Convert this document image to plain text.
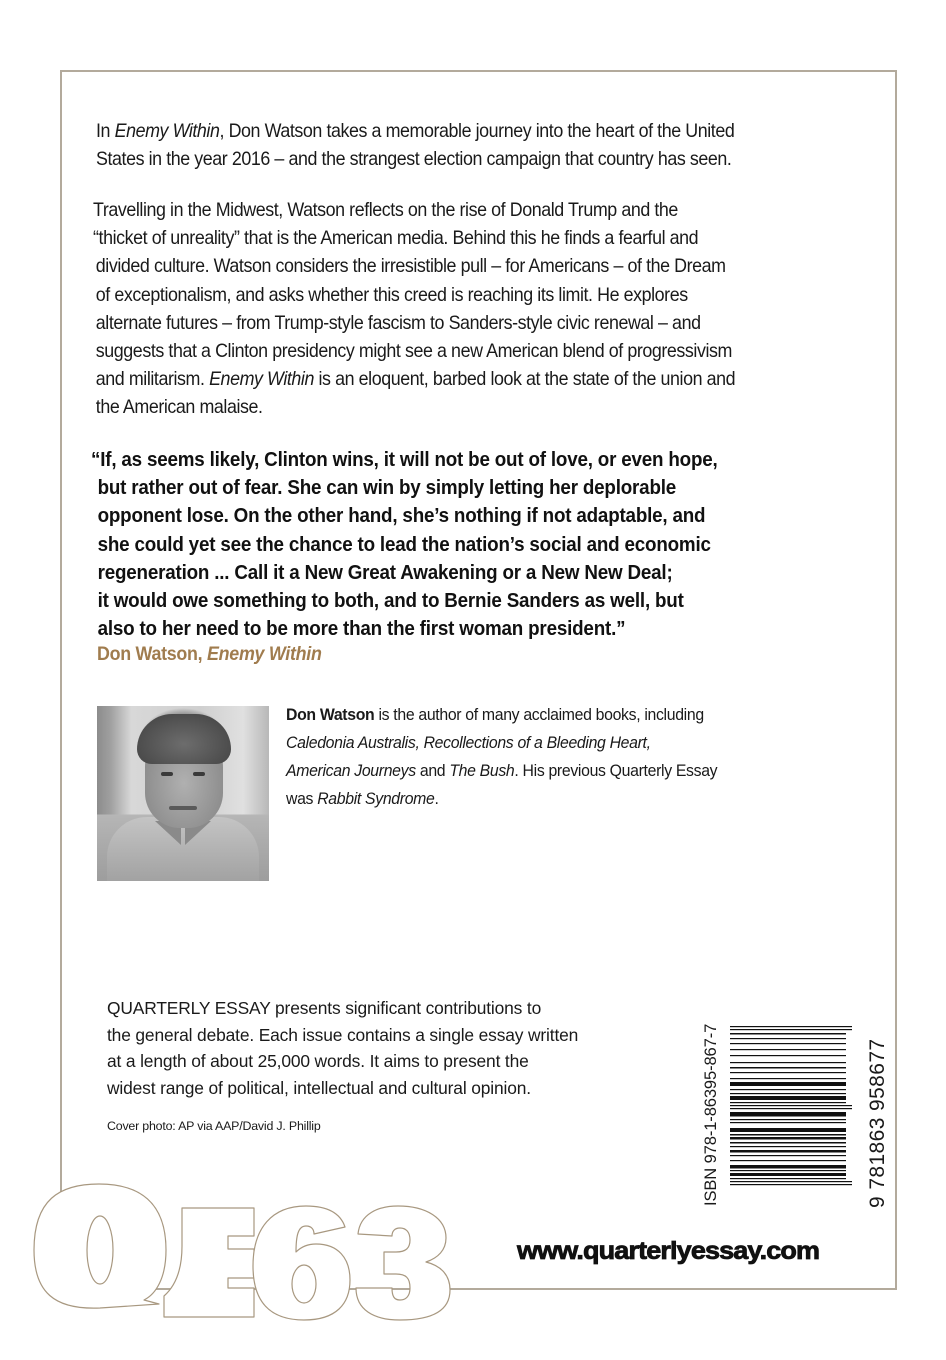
In Enemy Within, Don Watson takes a memorable journey into the heart of the United
States in the year 2016 – and the strangest election campaign that country has seen.
Travelling in the Midwest, Watson reflects on the rise of Donald Trump and the
“thicket of unreality” that is the American media. Behind this he finds a fearful and
divided culture. Watson considers the irresistible pull – for Americans – of the Dream
of exceptionalism, and asks whether this creed is reaching its limit. He explores
alternate futures – from Trump-style fascism to Sanders-style civic renewal – and
suggests that a Clinton presidency might see a new American blend of progressivism
and militarism. Enemy Within is an eloquent, barbed look at the state of the union and
the American malaise.
“If, as seems likely, Clinton wins, it will not be out of love, or even hope,
but rather out of fear. She can win by simply letting her deplorable
opponent lose. On the other hand, she’s nothing if not adaptable, and
she could yet see the chance to lead the nation’s social and economic
regeneration ... Call it a New Great Awakening or a New New Deal;
it would owe something to both, and to Bernie Sanders as well, but
also to her need to be more than the first woman president.”
Don Watson, Enemy Within
Don Watson is the author of many acclaimed books, including
Caledonia Australis, Recollections of a Bleeding Heart,
American Journeys and The Bush. His previous Quarterly Essay
was Rabbit Syndrome.
QUARTERLY ESSAY presents significant contributions to
the general debate. Each issue contains a single essay written
at a length of about 25,000 words. It aims to present the
widest range of political, intellectual and cultural opinion.
Cover photo: AP via AAP/David J. Phillip	ISBN 978-1-86395-867-7	9 781863 958677
www.quarterlyessay.com
